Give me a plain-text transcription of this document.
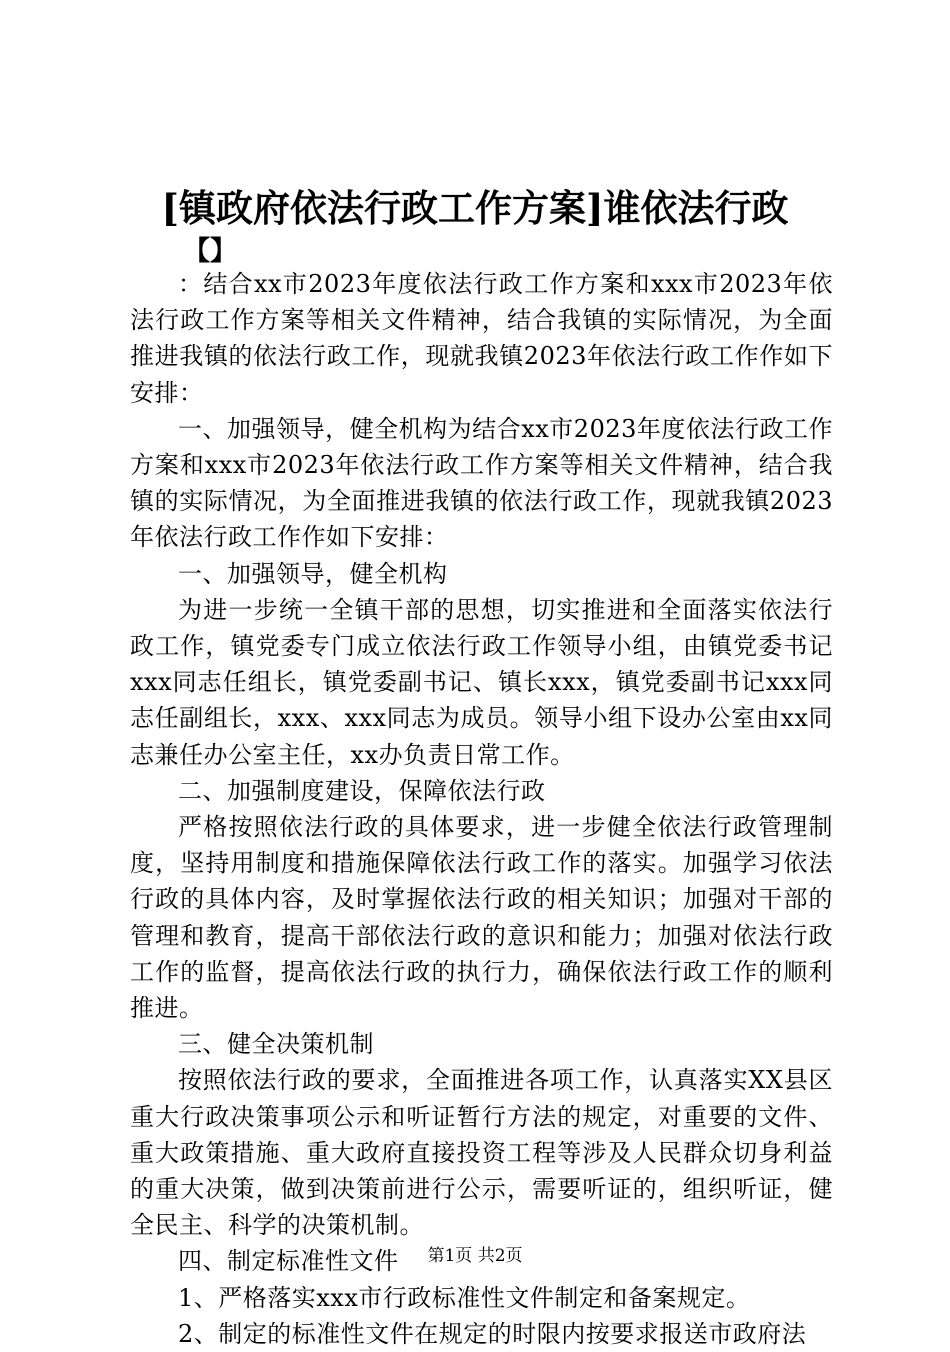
[镇政府依法行政工作方案]谁依法行政
【】

：结合xx市2023年度依法行政工作方案和xxx市2023年依法行政工作方案等相关文件精神，结合我镇的实际情况，为全面推进我镇的依法行政工作，现就我镇2023年依法行政工作作如下安排：

一、加强领导，健全机构为结合xx市2023年度依法行政工作方案和xxx市2023年依法行政工作方案等相关文件精神，结合我镇的实际情况，为全面推进我镇的依法行政工作，现就我镇2023年依法行政工作作如下安排：

一、加强领导，健全机构

为进一步统一全镇干部的思想，切实推进和全面落实依法行政工作，镇党委专门成立依法行政工作领导小组，由镇党委书记xxx同志任组长，镇党委副书记、镇长xxx，镇党委副书记xxx同志任副组长，xxx、xxx同志为成员。领导小组下设办公室由xx同志兼任办公室主任，xx办负责日常工作。

二、加强制度建设，保障依法行政

严格按照依法行政的具体要求，进一步健全依法行政管理制度，坚持用制度和措施保障依法行政工作的落实。加强学习依法行政的具体内容，及时掌握依法行政的相关知识；加强对干部的管理和教育，提高干部依法行政的意识和能力；加强对依法行政工作的监督，提高依法行政的执行力，确保依法行政工作的顺利推进。

三、健全决策机制

按照依法行政的要求，全面推进各项工作，认真落实XX县区重大行政决策事项公示和听证暂行方法的规定，对重要的文件、重大政策措施、重大政府直接投资工程等涉及人民群众切身利益的重大决策，做到决策前进行公示，需要听证的，组织听证，健全民主、科学的决策机制。

四、制定标准性文件

1、严格落实xxx市行政标准性文件制定和备案规定。

2、制定的标准性文件在规定的时限内按要求报送市政府法

第1页 共2页
